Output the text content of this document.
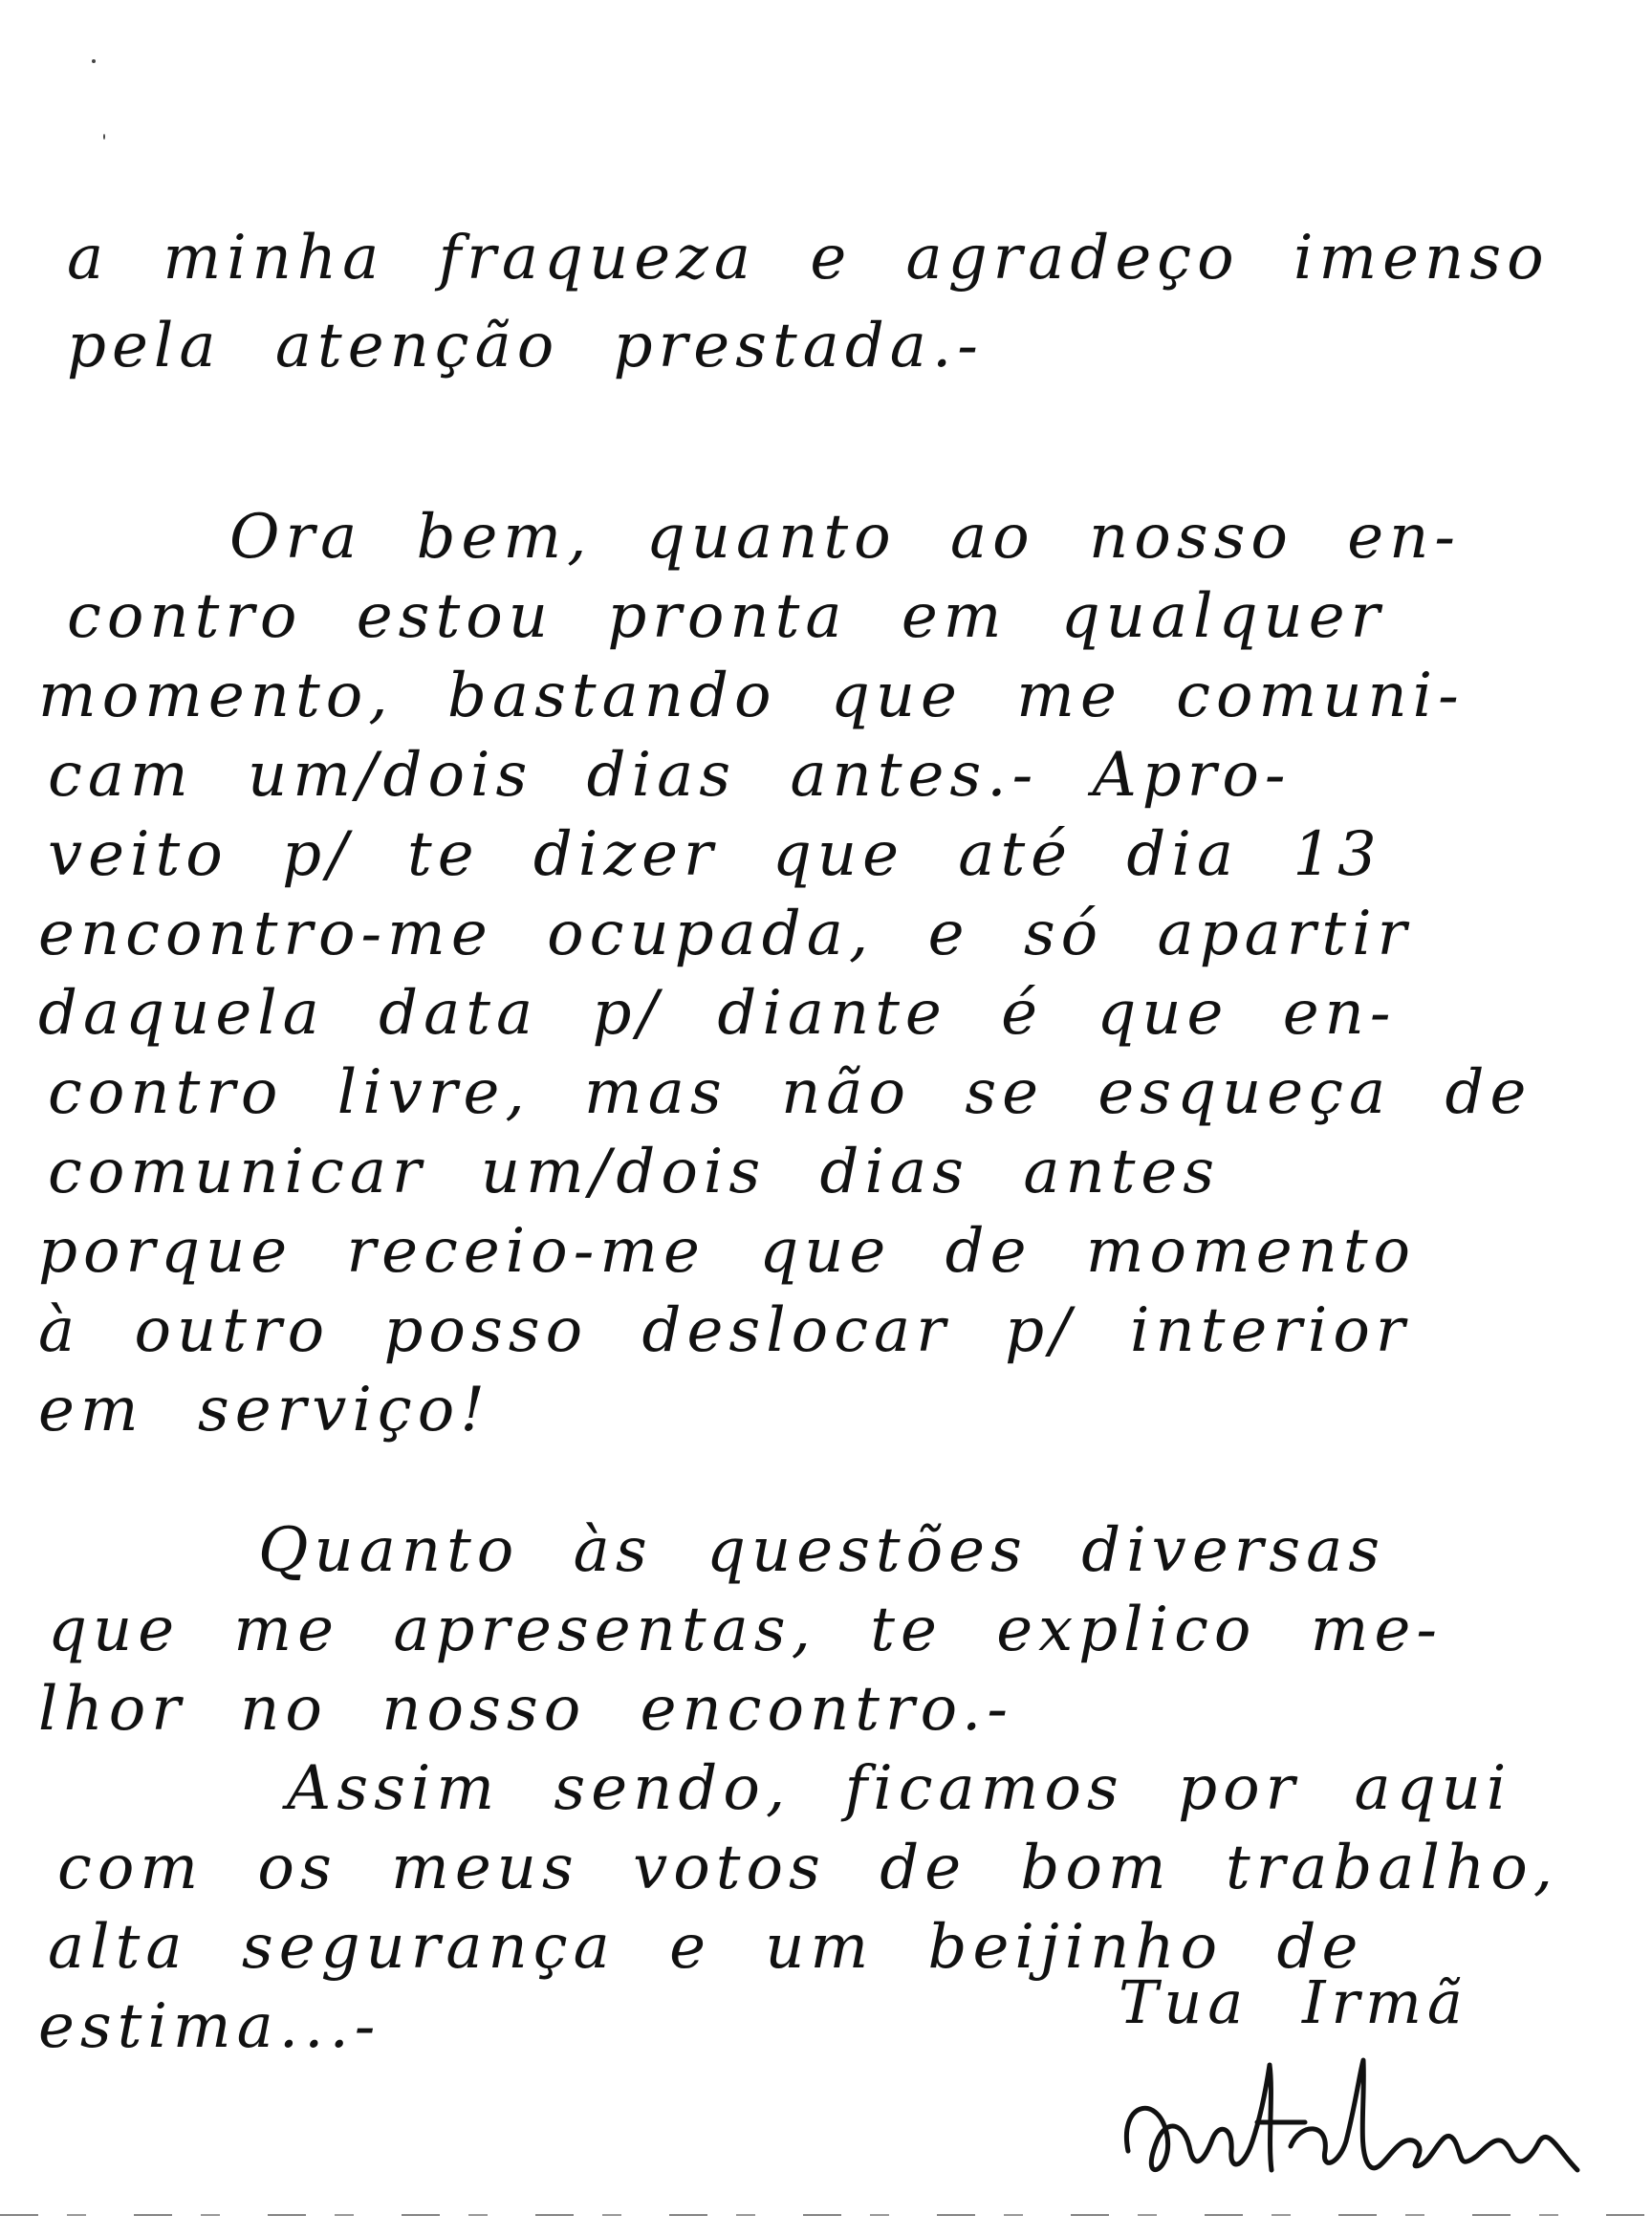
a minha fraqueza e agradeço imenso
pela atenção prestada.-
Ora bem, quanto ao nosso en-
contro estou pronta em qualquer
momento, bastando que me comuni-
cam um/dois dias antes.- Apro-
veito p/ te dizer que até dia 13
encontro-me ocupada, e só apartir
daquela data p/ diante é que en-
contro livre, mas não se esqueça de
comunicar um/dois dias antes
porque receio-me que de momento
à outro posso deslocar p/ interior
em serviço!
Quanto às questões diversas
que me apresentas, te explico me-
lhor no nosso encontro.-
Assim sendo, ficamos por aqui
com os meus votos de bom trabalho,
alta segurança e um beijinho de
estima...-	Tua Irmã
